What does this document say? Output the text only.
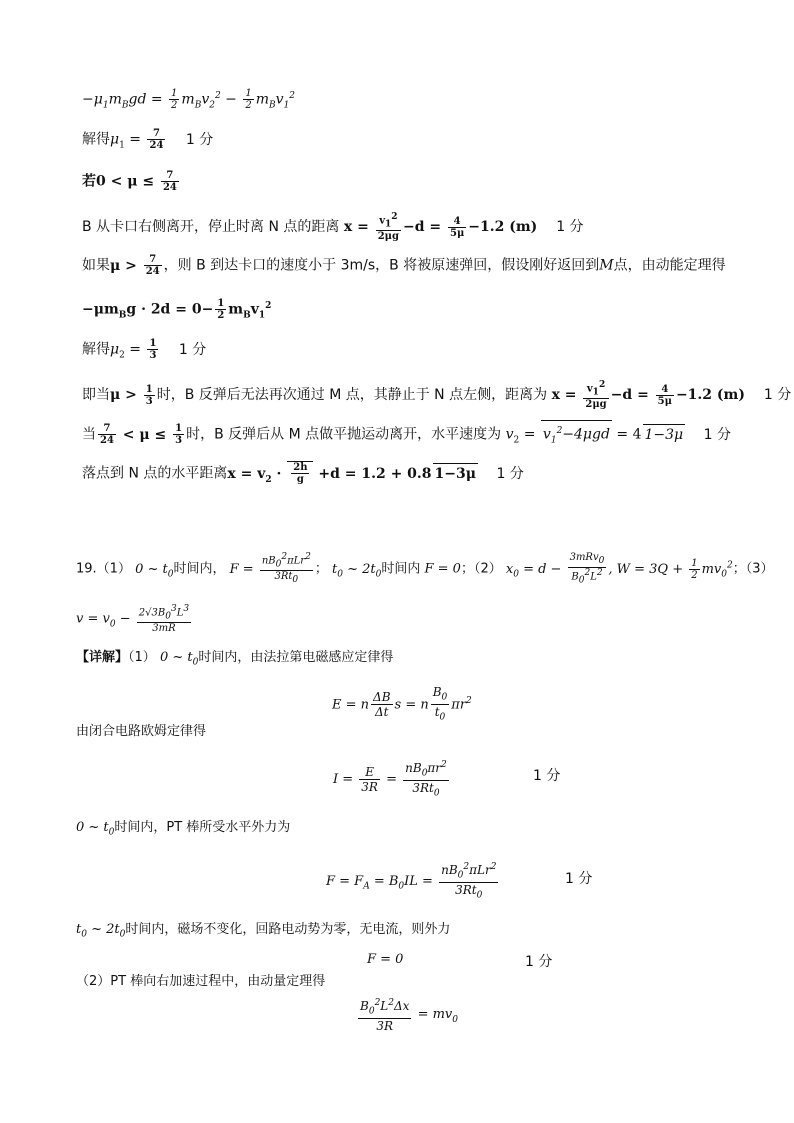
$-\mu_1m_Bgd = \frac{1}{2} m_Bv_2^2 - \frac{1}{2} m_Bv_1^2$
解得$\mu_1 = \frac{7}{24} 1$ 分
若$0 < \mu \le \frac{7}{24}$
B 从卡口右侧离开，停止时离 N 点的距离 $x = \frac{v_1^2}{2\mu g} -d = \frac{4}{5\mu} -1.2$ (m) 1 分
如果$\mu > \frac{7}{24}$ ，则 B 到达卡口的速度小于 3m/s，B 将被原速弹回，假设刚好返回到M点，由动能定理得
$-\mu m_Bg \cdot 2d = 0- \frac{1}{2} m_Bv_1^2$
解得$\mu_2 = \frac{1}{3} 1$ 分
即当$\mu > \frac{1}{3}$ 时，B 反弹后无法再次通过 M 点，其静止于 N 点左侧，距离为 $x = \frac{v_1^2}{2\mu g} -d = \frac{4}{5\mu} -1.2$ (m) 1 分
当 $\frac{7}{24} < \mu \le \frac{1}{3}$ 时，B 反弹后从 M 点做平抛运动离开，水平速度为 $v_2 = v_1^2-4\mu gd = 4$ 1−3μ 1 分
落点到 N 点的水平距离$x = v_2 \cdot \frac{2h}{g} +d = 1.2 + 0.8$ 1−3μ 1 分
19.（1） 0 ~ $t_0$时间内， $F = \frac{nB_0^2\pi Lr^2}{3Rt_0}$ ； $t_0$ ~ $2t_0$时间内 F = 0；（2） $x_0 = d - \frac{3mRv_0}{B_0^2L^2}$ , $W = 3Q + \frac{1}{2} mv_0^2$；（3）
$v = v_0 - \frac{2√3B_0^3L^3}{3mR}$
【详解】（1） 0 ~ $t_0$时间内，由法拉第电磁感应定律得
E = n $\frac{\Delta B}{\Delta t}$ s = n $\frac{B_0}{t_0} \pi r^2$
由闭合电路欧姆定律得
$I = \frac{E}{3R} = \frac{nB_0\pi r^2}{3Rt_0}$	1 分
0 ~ $t_0$时间内，PT 棒所受水平外力为
$F = F_A = B_0IL = \frac{nB_0^2\pi Lr^2}{3Rt_0}$	1 分
$t_0$ ~ $2t_0$时间内，磁场不变化，回路电动势为零，无电流，则外力
F = 0	1 分
（2）PT 棒向右加速过程中，由动量定理得
$\frac{B_0^2L^2\Delta x}{3R} = mv_0$
